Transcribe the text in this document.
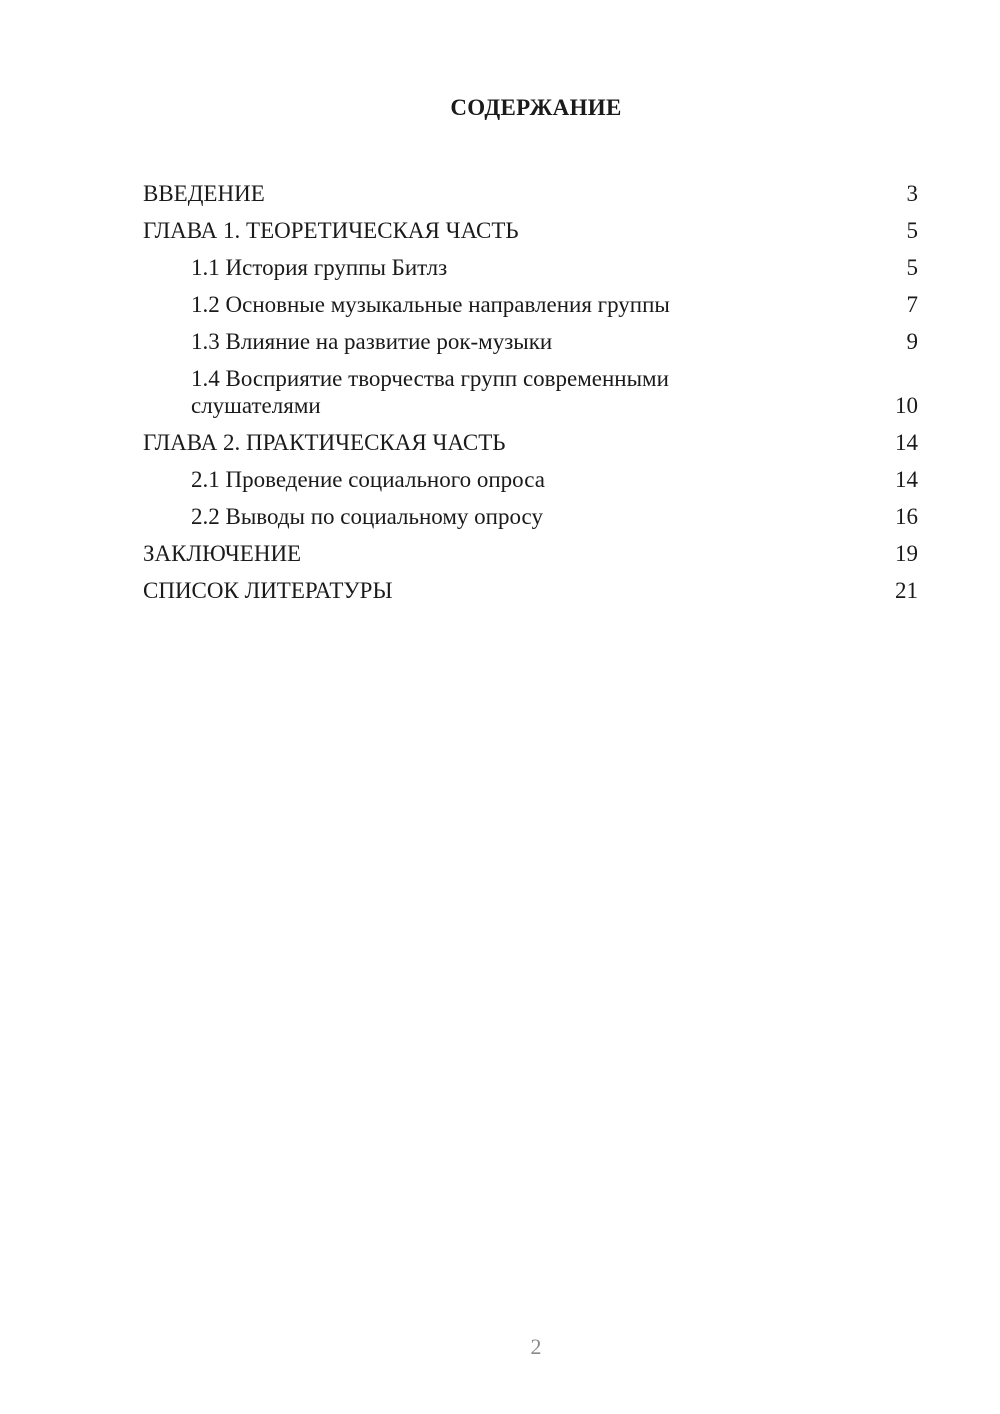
СОДЕРЖАНИЕ
ВВЕДЕНИЕ	3
ГЛАВА 1. ТЕОРЕТИЧЕСКАЯ ЧАСТЬ	5
1.1 История группы Битлз	5
1.2 Основные музыкальные направления группы	7
1.3 Влияние на развитие рок-музыки	9
1.4 Восприятие творчества групп современными слушателями	10
ГЛАВА 2. ПРАКТИЧЕСКАЯ ЧАСТЬ	14
2.1 Проведение социального опроса	14
2.2 Выводы по социальному опросу	16
ЗАКЛЮЧЕНИЕ	19
СПИСОК ЛИТЕРАТУРЫ	21
2
